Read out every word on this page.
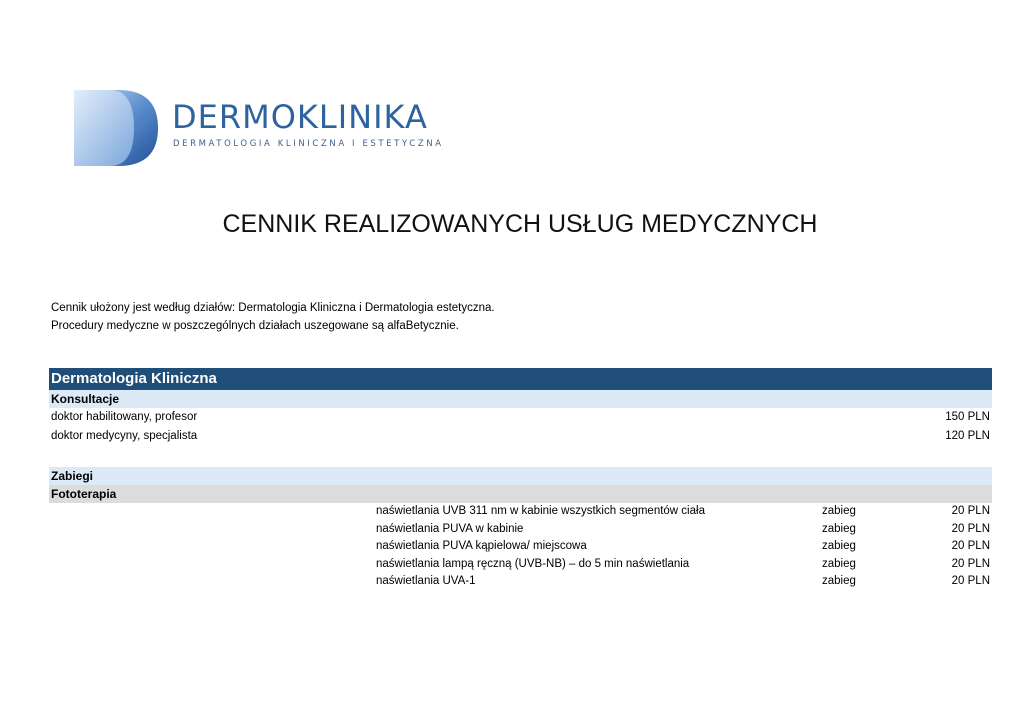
DERMOKLINIKA
DERMATOLOGIA KLINICZNA I ESTETYCZNA
CENNIK REALIZOWANYCH USŁUG MEDYCZNYCH
Cennik ułożony jest według działów: Dermatologia Kliniczna i Dermatologia estetyczna.
Procedury medyczne w poszczególnych działach uszegowane są alfaBetycznie.
Dermatologia Kliniczna
Konsultacje
doktor habilitowany, profesor	150 PLN
doktor medycyny, specjalista	120 PLN
Zabiegi
Fototerapia
naświetlania UVB 311 nm w kabinie wszystkich segmentów ciała	zabieg	20 PLN
naświetlania PUVA w kabinie	zabieg	20 PLN
naświetlania PUVA kąpielowa/ miejscowa	zabieg	20 PLN
naświetlania lampą ręczną (UVB-NB) – do 5 min naświetlania	zabieg	20 PLN
naświetlania UVA-1	zabieg	20 PLN
